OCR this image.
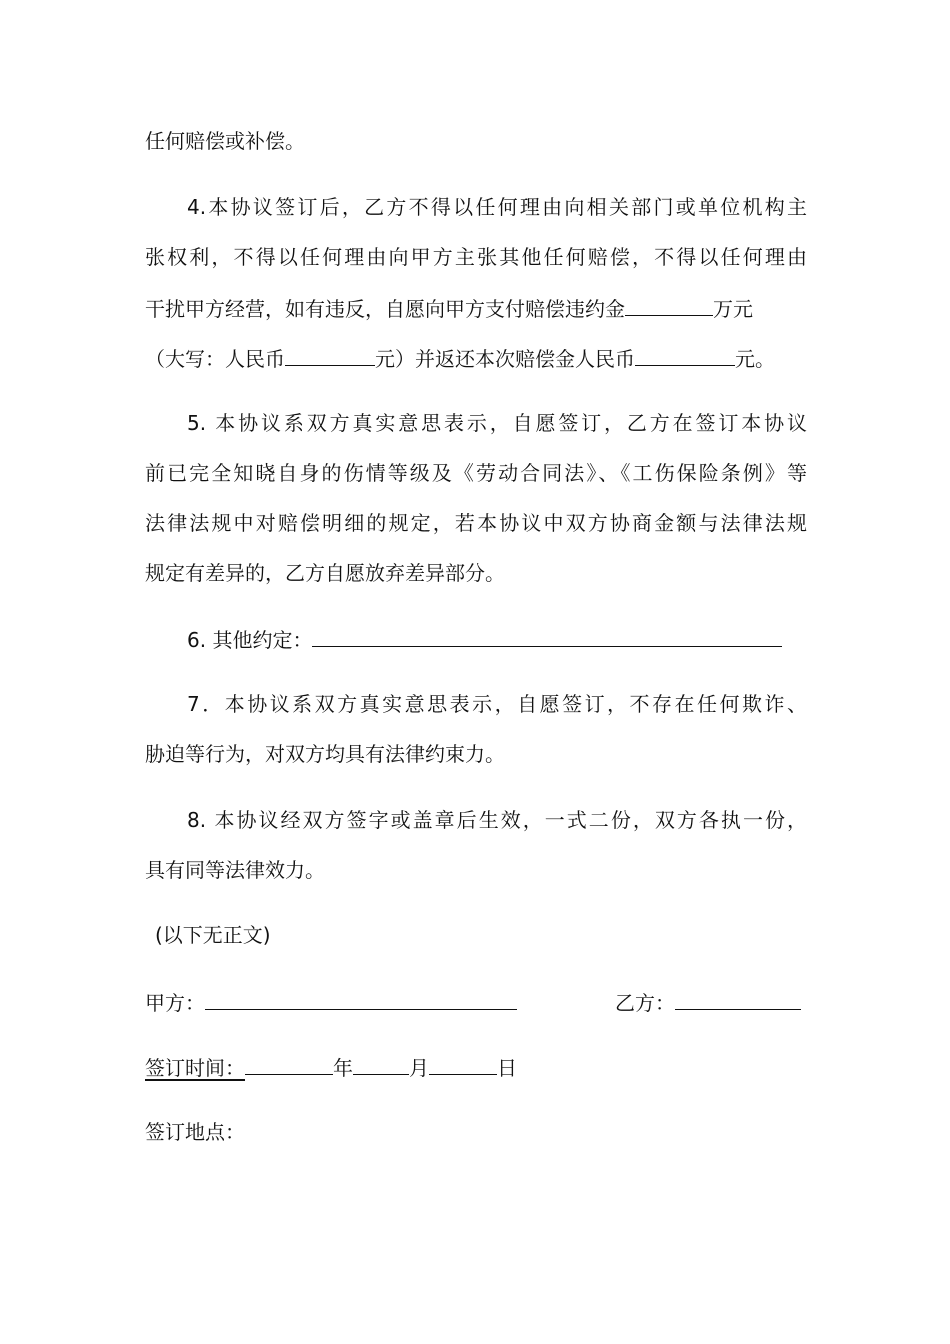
任何赔偿或补偿。
4.本协议签订后，乙方不得以任何理由向相关部门或单位机构主
张权利，不得以任何理由向甲方主张其他任何赔偿，不得以任何理由
干扰甲方经营，如有违反，自愿向甲方支付赔偿违约金	万元
（大写：人民币	元）并返还本次赔偿金人民币	元。
5. 本协议系双方真实意思表示，自愿签订，乙方在签订本协议
前已完全知晓自身的伤情等级及《劳动合同法》、《工伤保险条例》等
法律法规中对赔偿明细的规定，若本协议中双方协商金额与法律法规
规定有差异的，乙方自愿放弃差异部分。
6. 其他约定：
7．本协议系双方真实意思表示，自愿签订，不存在任何欺诈、
胁迫等行为，对双方均具有法律约束力。
8. 本协议经双方签字或盖章后生效，一式二份，双方各执一份，
具有同等法律效力。
(以下无正文)
甲方：	乙方：
签订时间：	年	月	日
签订地点：
